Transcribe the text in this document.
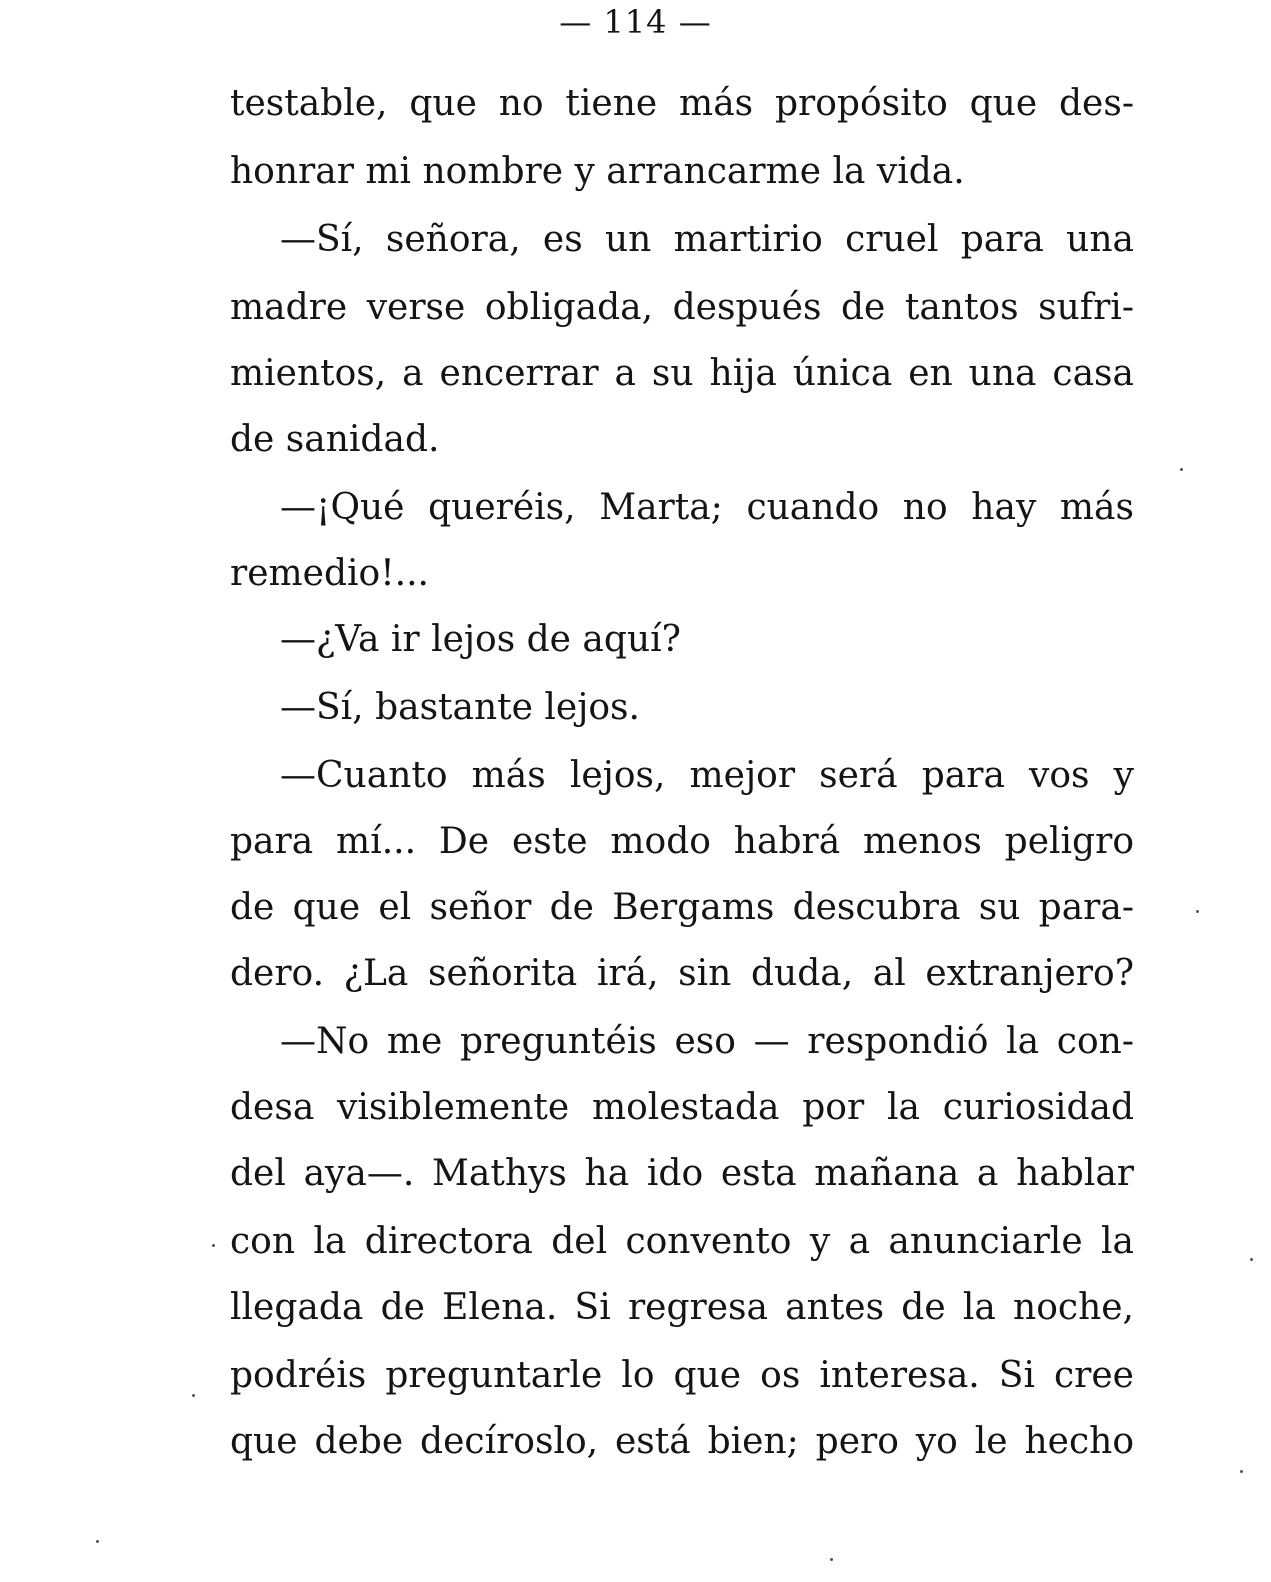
— 114 —
testable, que no tiene más propósito que des-
honrar mi nombre y arrancarme la vida.
—Sí, señora, es un martirio cruel para una
madre verse obligada, después de tantos sufri-
mientos, a encerrar a su hija única en una casa
de sanidad.
—¡Qué queréis, Marta; cuando no hay más
remedio!...
—¿Va ir lejos de aquí?
—Sí, bastante lejos.
—Cuanto más lejos, mejor será para vos y
para mí... De este modo habrá menos peligro
de que el señor de Bergams descubra su para-
dero. ¿La señorita irá, sin duda, al extranjero?
—No me preguntéis eso — respondió la con-
desa visiblemente molestada por la curiosidad
del aya—. Mathys ha ido esta mañana a hablar
con la directora del convento y a anunciarle la
llegada de Elena. Si regresa antes de la noche,
podréis preguntarle lo que os interesa. Si cree
que debe decíroslo, está bien; pero yo le hecho
